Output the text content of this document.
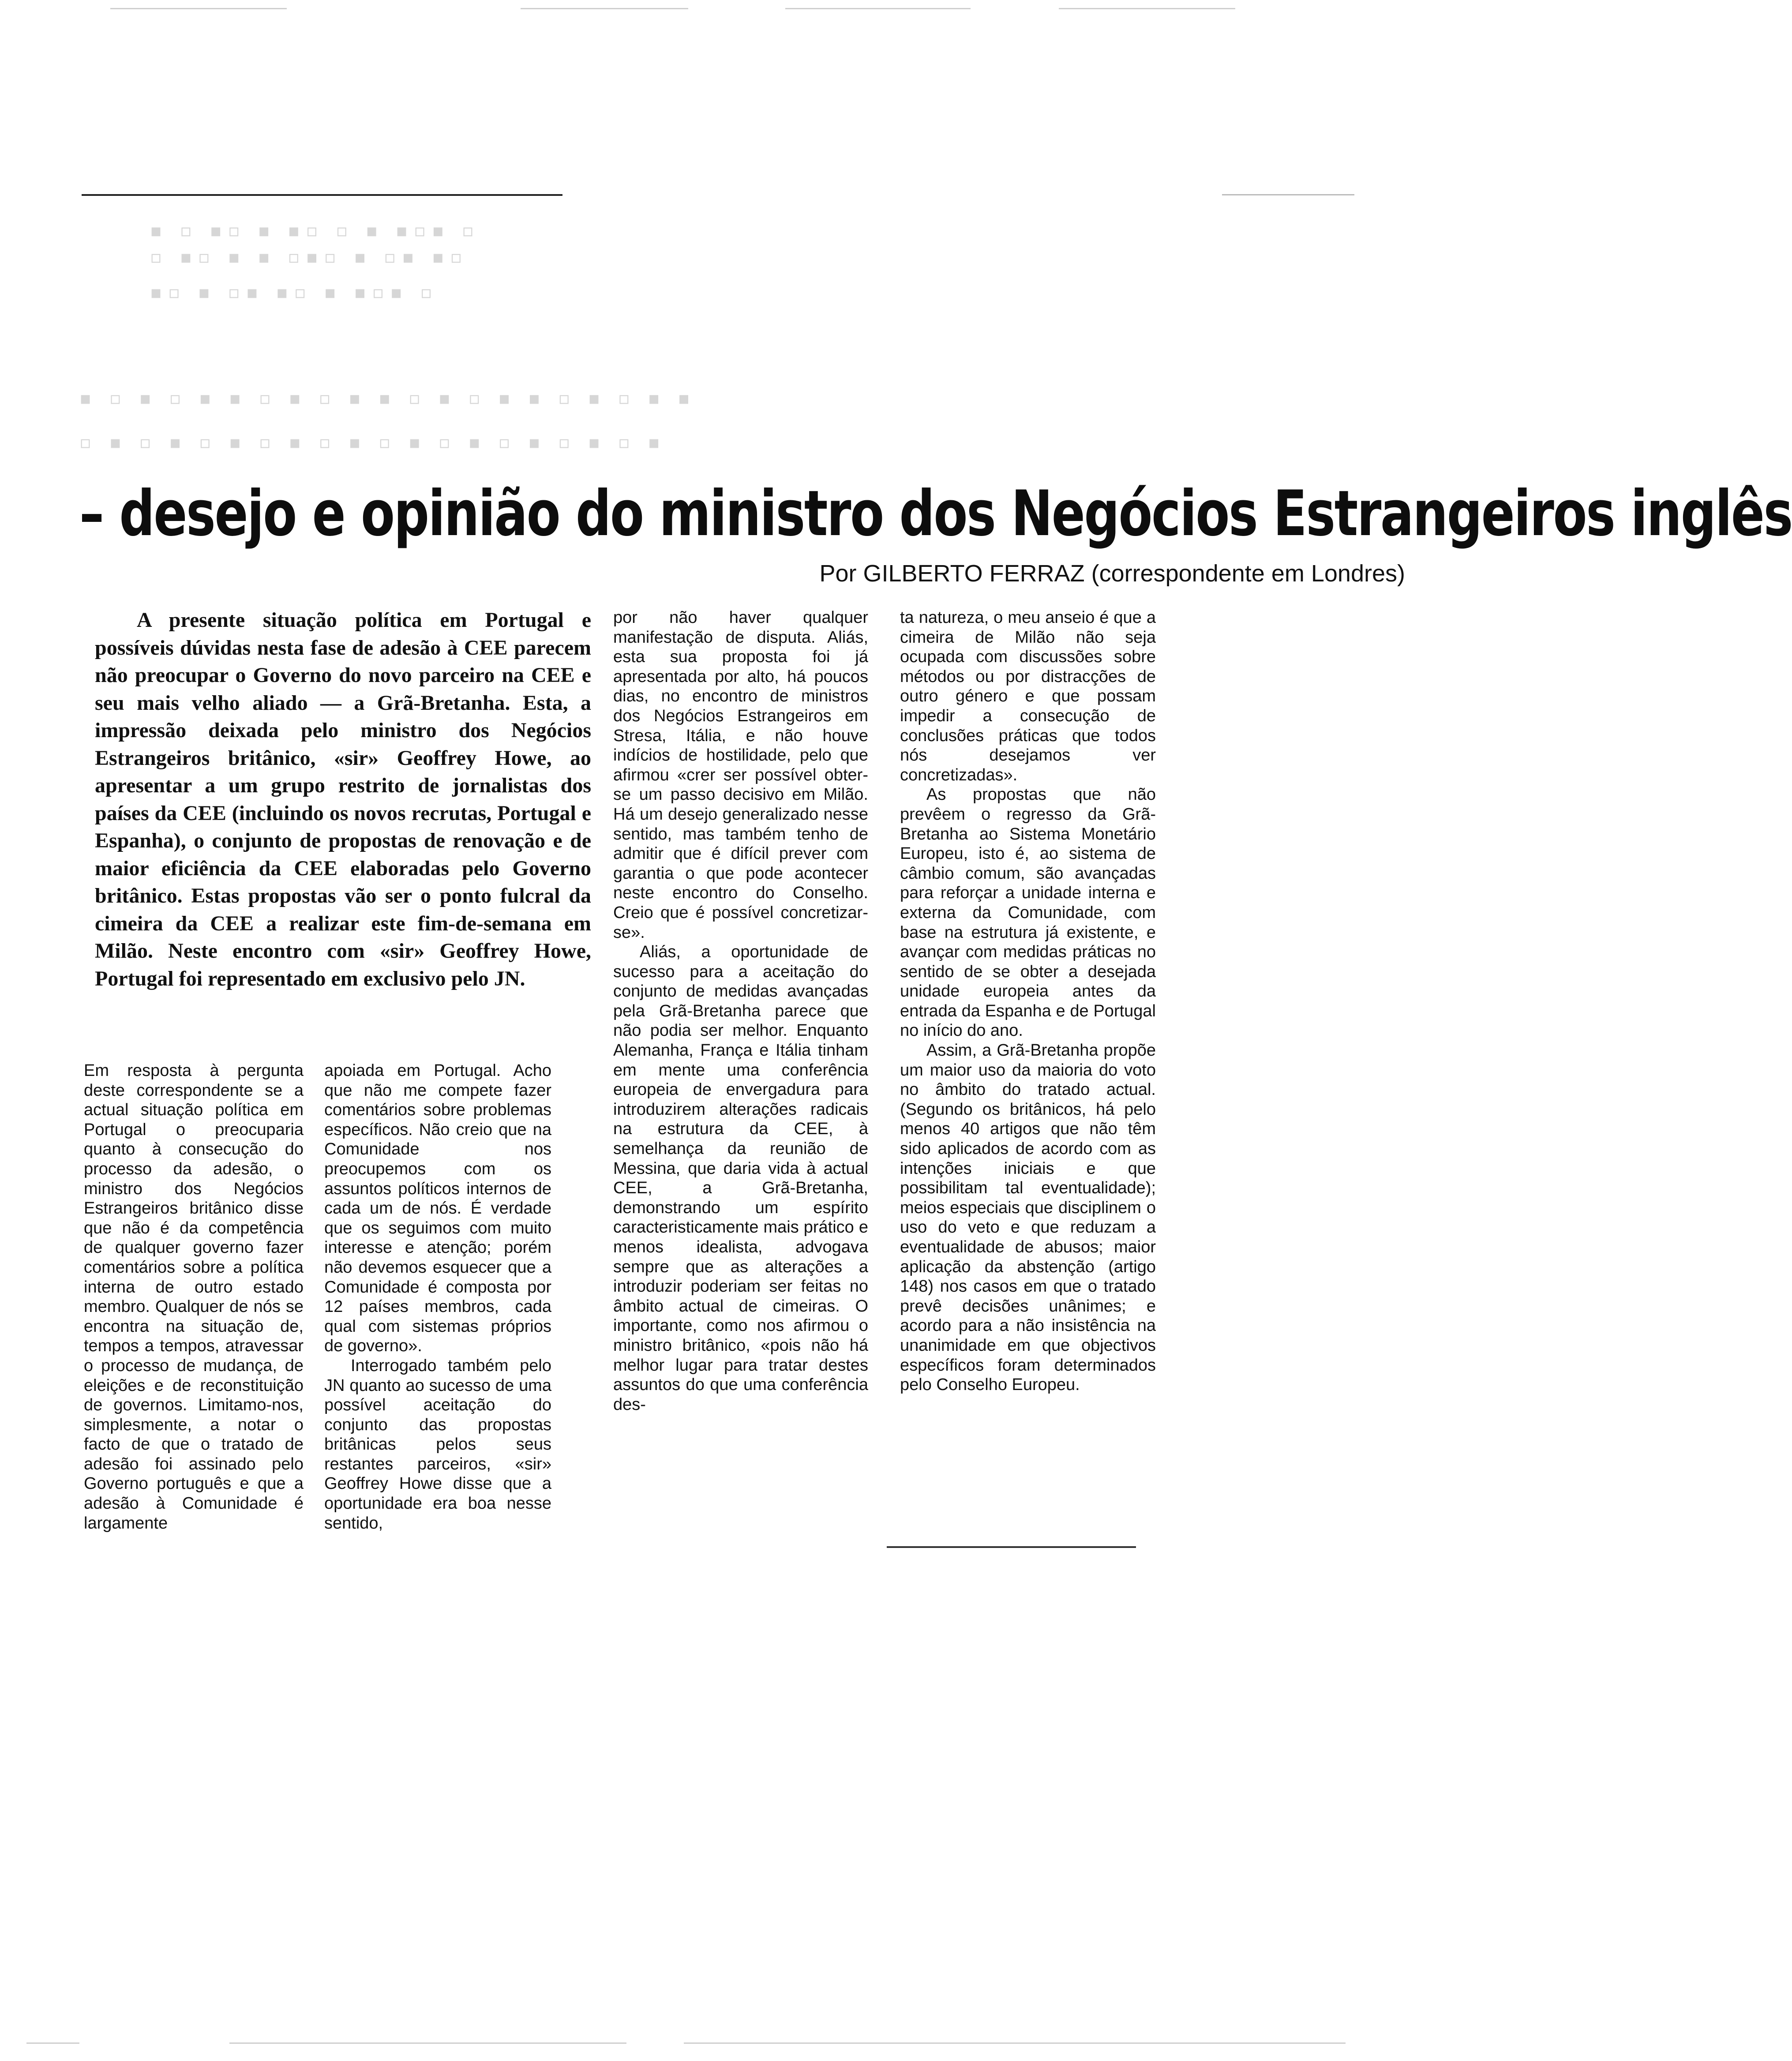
▪ ▫ ▪▫ ▪ ▪▫ ▫ ▪ ▪▫▪ ▫
▫ ▪▫ ▪ ▪ ▫▪▫ ▪ ▫▪ ▪▫
▪▫ ▪ ▫▪ ▪▫ ▪ ▪▫▪ ▫
▪ ▫ ▪ ▫ ▪ ▪ ▫ ▪ ▫ ▪ ▪ ▫ ▪ ▫ ▪ ▪ ▫ ▪ ▫ ▪ ▪
▫ ▪ ▫ ▪ ▫ ▪ ▫ ▪ ▫ ▪ ▫ ▪ ▫ ▪ ▫ ▪ ▫ ▪ ▫ ▪
– desejo e opinião do ministro dos Negócios Estrangeiros inglês

Por GILBERTO FERRAZ (correspondente em Londres)

A presente situação política em Portugal e possíveis dúvidas nesta fase de adesão à CEE parecem não preocupar o Governo do novo parceiro na CEE e seu mais velho aliado — a Grã-Bretanha. Esta, a impressão deixada pelo ministro dos Negócios Estrangeiros britânico, «sir» Geoffrey Howe, ao apresentar a um grupo restrito de jornalistas dos países da CEE (incluindo os novos recrutas, Portugal e Espanha), o conjunto de propostas de renovação e de maior eficiência da CEE elaboradas pelo Governo britânico. Estas propostas vão ser o ponto fulcral da cimeira da CEE a realizar este fim-de-semana em Milão. Neste encontro com «sir» Geoffrey Howe, Portugal foi representado em exclusivo pelo JN.

Em resposta à pergunta deste correspondente se a actual situação política em Portugal o preocuparia quanto à consecução do processo da adesão, o ministro dos Negócios Estrangeiros britânico disse que não é da competência de qualquer governo fazer comentários sobre a política interna de outro estado membro. Qualquer de nós se encontra na situação de, tempos a tempos, atravessar o processo de mudança, de eleições e de reconstituição de governos. Limitamo-nos, simplesmente, a notar o facto de que o tratado de adesão foi assinado pelo Governo português e que a adesão à Comunidade é largamente

apoiada em Portugal. Acho que não me compete fazer comentários sobre problemas específicos. Não creio que na Comunidade nos preocupemos com os assuntos políticos internos de cada um de nós. É verdade que os seguimos com muito interesse e atenção; porém não devemos esquecer que a Comunidade é composta por 12 países membros, cada qual com sistemas próprios de governo».

Interrogado também pelo JN quanto ao sucesso de uma possível aceitação do conjunto das propostas britânicas pelos seus restantes parceiros, «sir» Geoffrey Howe disse que a oportunidade era boa nesse sentido,

por não haver qualquer manifestação de disputa. Aliás, esta sua proposta foi já apresentada por alto, há poucos dias, no encontro de ministros dos Negócios Estrangeiros em Stresa, Itália, e não houve indícios de hostilidade, pelo que afirmou «crer ser possível obter-se um passo decisivo em Milão. Há um desejo generalizado nesse sentido, mas também tenho de admitir que é difícil prever com garantia o que pode acontecer neste encontro do Conselho. Creio que é possível concretizar-se».

Aliás, a oportunidade de sucesso para a aceitação do conjunto de medidas avançadas pela Grã-Bretanha parece que não podia ser melhor. Enquanto Alemanha, França e Itália tinham em mente uma conferência europeia de envergadura para introduzirem alterações radicais na estrutura da CEE, à semelhança da reunião de Messina, que daria vida à actual CEE, a Grã-Bretanha, demonstrando um espírito caracteristicamente mais prático e menos idealista, advogava sempre que as alterações a introduzir poderiam ser feitas no âmbito actual de cimeiras. O importante, como nos afirmou o ministro britânico, «pois não há melhor lugar para tratar destes assuntos do que uma conferência des-

ta natureza, o meu anseio é que a cimeira de Milão não seja ocupada com discussões sobre métodos ou por distracções de outro género e que possam impedir a consecução de conclusões práticas que todos nós desejamos ver concretizadas».

As propostas que não prevêem o regresso da Grã-Bretanha ao Sistema Monetário Europeu, isto é, ao sistema de câmbio comum, são avançadas para reforçar a unidade interna e externa da Comunidade, com base na estrutura já existente, e avançar com medidas práticas no sentido de se obter a desejada unidade europeia antes da entrada da Espanha e de Portugal no início do ano.

Assim, a Grã-Bretanha propõe um maior uso da maioria do voto no âmbito do tratado actual. (Segundo os britânicos, há pelo menos 40 artigos que não têm sido aplicados de acordo com as intenções iniciais e que possibilitam tal eventualidade); meios especiais que disciplinem o uso do veto e que reduzam a eventualidade de abusos; maior aplicação da abstenção (artigo 148) nos casos em que o tratado prevê decisões unânimes; e acordo para a não insistência na unanimidade em que objectivos específicos foram determinados pelo Conselho Europeu.
